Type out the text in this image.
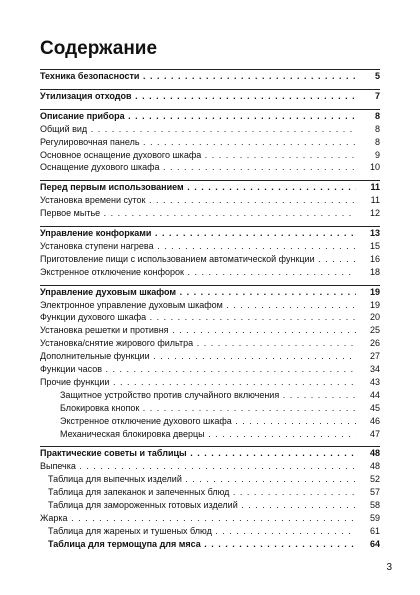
Содержание
Техника безопасности . . .	5
Утилизация отходов . . .	7
Описание прибора . . .	8
Общий вид . . .	8
Регулировочная панель . . .	8
Основное оснащение духового шкафа . . .	9
Оснащение духового шкафа . . .	10
Перед первым использованием . . .	11
Установка времени суток . . .	11
Первое мытье . . .	12
Управление конфорками . . .	13
Установка ступени нагрева . . .	15
Приготовление пищи с использованием автоматической функции . . .	16
Экстренное отключение конфорок . . .	18
Управление духовым шкафом . . .	19
Электронное управление духовым шкафом . . .	19
Функции духового шкафа . . .	20
Установка решетки и противня . . .	25
Установка/снятие жирового фильтра . . .	26
Дополнительные функции . . .	27
Функции часов . . .	34
Прочие функции . . .	43
Защитное устройство против случайного включения . . .	44
Блокировка кнопок . . .	45
Экстренное отключение духового шкафа . . .	46
Механическая блокировка дверцы . . .	47
Практические советы и таблицы . . .	48
Выпечка . . .	48
Таблица для выпечных изделий . . .	52
Таблица для запеканок и запеченных блюд . . .	57
Таблица для замороженных готовых изделий . . .	58
Жарка . . .	59
Таблица для жареных и тушеных блюд . . .	61
Таблица для термощупа для мяса . . .	64
3
